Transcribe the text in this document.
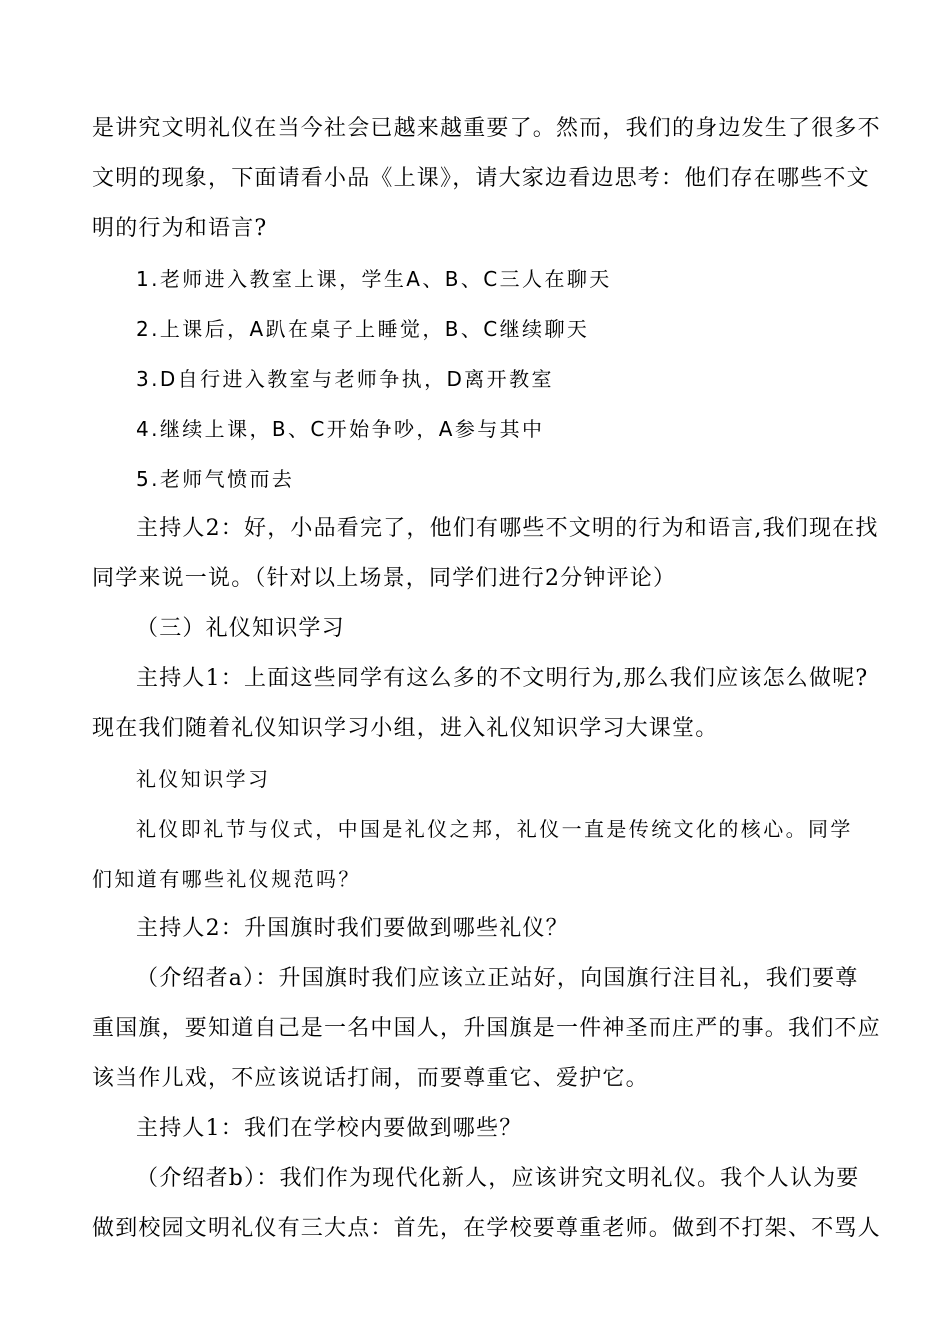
是讲究文明礼仪在当今社会已越来越重要了。然而，我们的身边发生了很多不
文明的现象，下面请看小品《上课》，请大家边看边思考：他们存在哪些不文
明的行为和语言?
1.老师进入教室上课，学生A、B、C三人在聊天
2.上课后，A趴在桌子上睡觉，B、C继续聊天
3.D自行进入教室与老师争执，D离开教室
4.继续上课，B、C开始争吵，A参与其中
5.老师气愤而去
主持人2：好，小品看完了，他们有哪些不文明的行为和语言,我们现在找
同学来说一说。（针对以上场景，同学们进行2分钟评论）
（三）礼仪知识学习
主持人1：上面这些同学有这么多的不文明行为,那么我们应该怎么做呢?
现在我们随着礼仪知识学习小组，进入礼仪知识学习大课堂。
礼仪知识学习
礼仪即礼节与仪式，中国是礼仪之邦，礼仪一直是传统文化的核心。同学
们知道有哪些礼仪规范吗？
主持人2：升国旗时我们要做到哪些礼仪？
（介绍者a）：升国旗时我们应该立正站好，向国旗行注目礼，我们要尊
重国旗，要知道自己是一名中国人，升国旗是一件神圣而庄严的事。我们不应
该当作儿戏，不应该说话打闹，而要尊重它、爱护它。
主持人1：我们在学校内要做到哪些？
（介绍者b）：我们作为现代化新人，应该讲究文明礼仪。我个人认为要
做到校园文明礼仪有三大点：首先，在学校要尊重老师。做到不打架、不骂人
